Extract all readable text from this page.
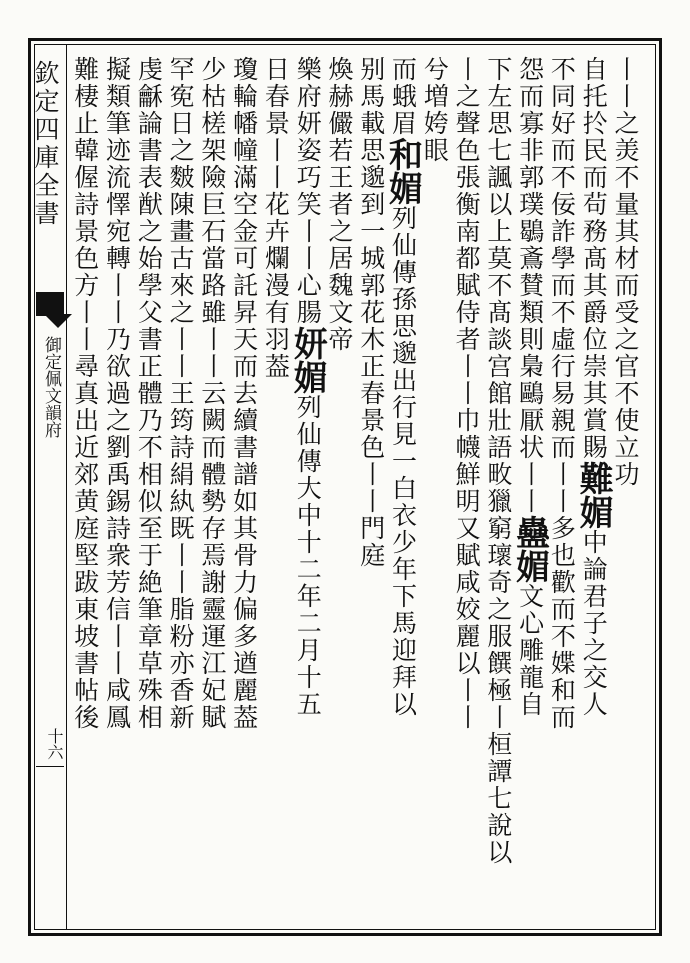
欽定四庫全書
御定佩文韻府
十六
丨丨之羙不量其材而受之官不使立功
自托扵民而茍務髙其爵位崇其賞賜難媚中論君子之交人
不同好而不佞詐學而不虛行易親而丨丨多也歡而不媟和而
怨而寡非郭璞鶡鴍賛類則梟鷗厭状丨丨蠱媚文心雕龍自
下左思七諷以上莫不髙談宫館壯語畋獵窮瓌奇之服饌極丨桓譚七說以
丨之聲色張衡南都賦侍者丨丨巾幭鮮明又賦咸姣麗以丨丨
兮増姱眼
而蛾眉和媚列仙傳孫思邈出行見一白衣少年下馬迎拜以
别馬載思邈到一城郭花木正春景色丨丨門庭
煥赫儼若王者之居魏文帝
樂府妍姿巧笑丨丨心腸妍媚列仙傳大中十二年二月十五
日春景丨丨花卉爛漫有羽葢
瓊輪幡幢滿空金可託昇天而去續書譜如其骨力偏多遒麗葢
少枯槎架險巨石當路雖丨丨云闕而體勢存焉謝靈運江妃賦
罕𡨚日之麬陳畫古來之丨丨王筠詩絹紈既丨丨脂粉亦香新
虔龢論書表猷之始學父書正體乃不相似至于絶筆章草殊相
擬類筆迹流懌宛轉丨丨乃欲過之劉禹錫詩衆芳信丨丨咸鳳
難棲止韓偓詩景色方丨丨尋真出近郊黄庭堅跋東坡書帖後
